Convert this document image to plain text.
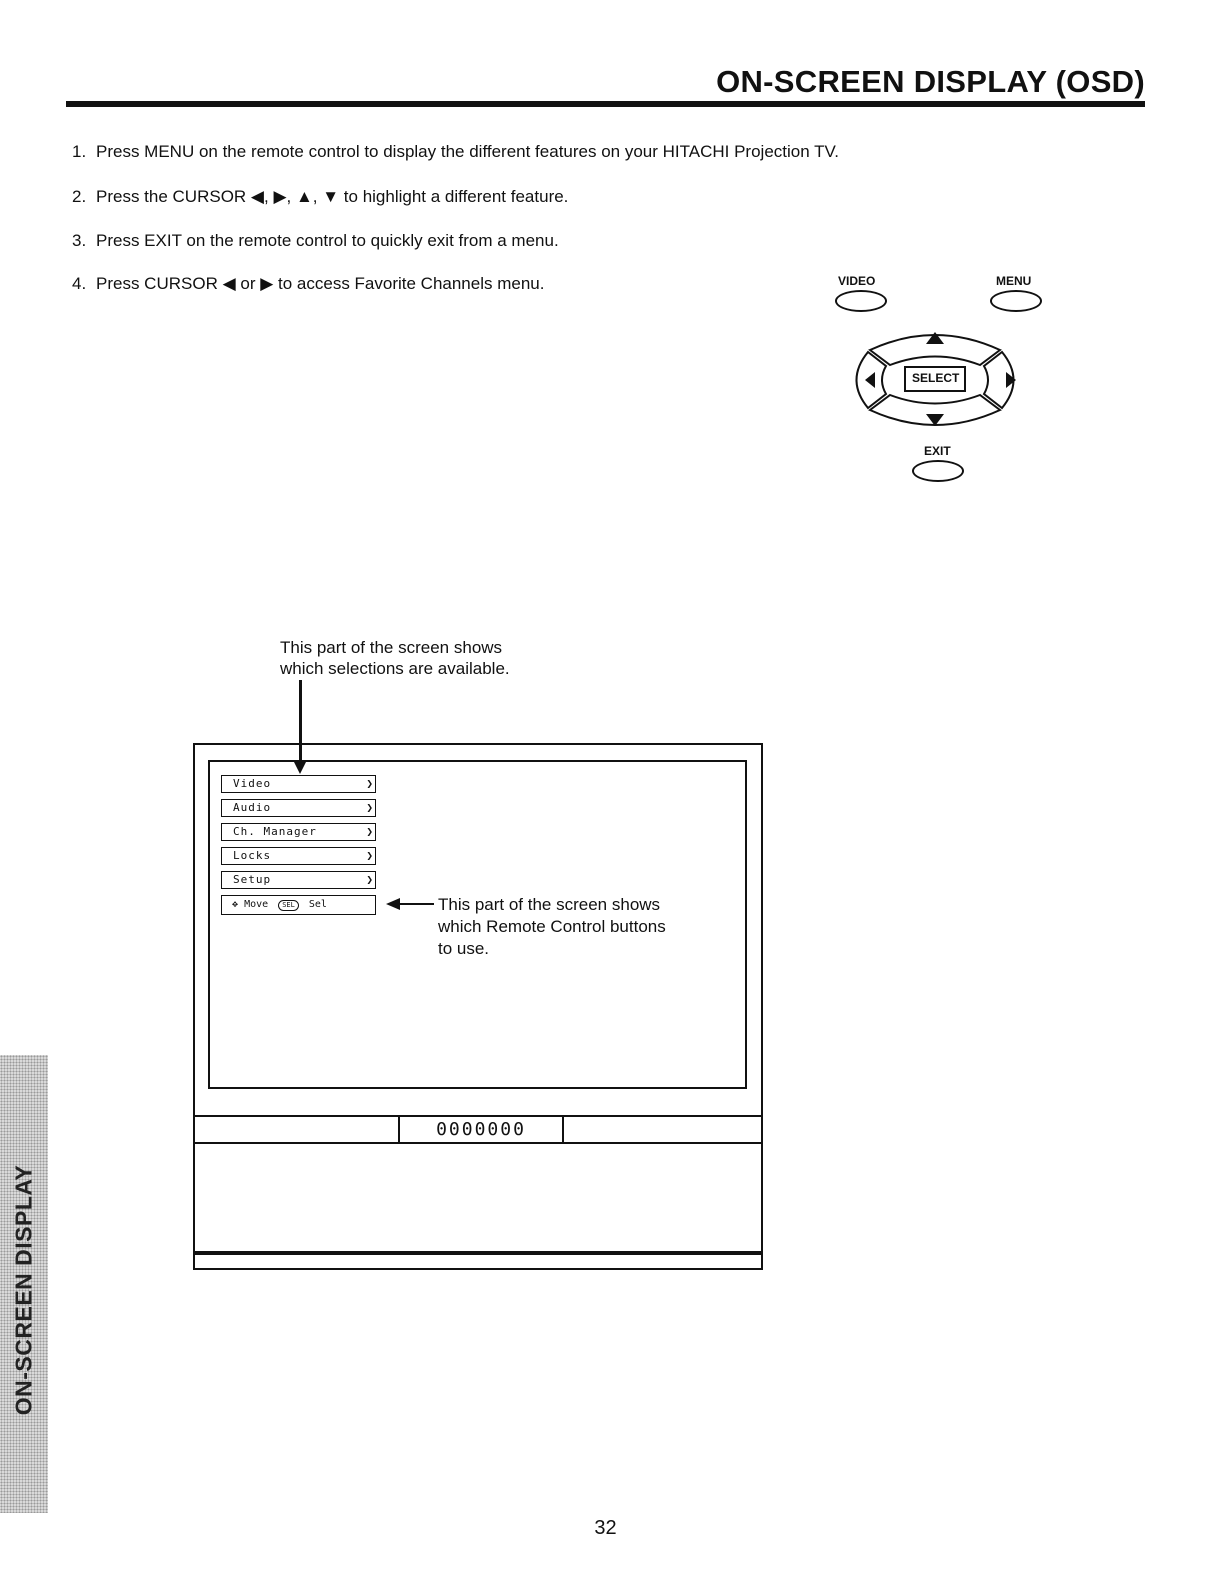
ON-SCREEN DISPLAY (OSD)
1. Press MENU on the remote control to display the different features on your HITACHI Projection TV.
2. Press the CURSOR ◀, ▶, ▲, ▼ to highlight a different feature.
3. Press EXIT on the remote control to quickly exit from a menu.
4. Press CURSOR ◀ or ▶ to access Favorite Channels menu.	VIDEO	MENU
SELECT
EXIT
This part of the screen shows
which selections are available.
0000000
Video	❯
Audio	❯
Ch. Manager	❯
Locks	❯
Setup	❯
✥ Move SEL Sel	This part of the screen shows
which Remote Control buttons
to use.
ON-SCREEN DISPLAY
32
